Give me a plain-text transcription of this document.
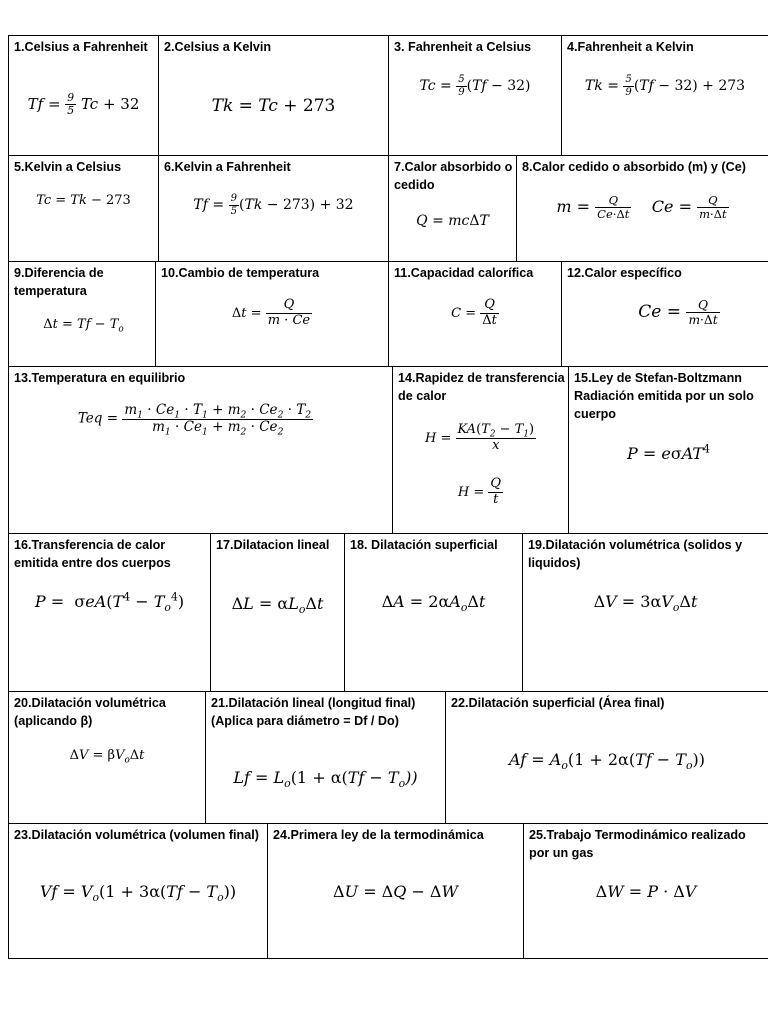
1.Celsius a Fahrenheit
$Tf = \frac{9}{5}$ Tc + 32
2.Celsius a Kelvin
Tk = Tc + 273
3. Fahrenheit a Celsius
$Tc = \frac{5}{9} (Tf - 32)$
4.Fahrenheit a Kelvin
$Tk = \frac{5}{9} (Tf - 32) + 273$
5.Kelvin a Celsius
Tc = Tk − 273
6.Kelvin a Fahrenheit
$Tf = \frac{9}{5} (Tk - 273) + 32$
7.Calor absorbido o cedido
Q = mcΔT
8.Calor cedido o absorbido (m) y (Ce)
$m = \frac{Q}{Ce\cdot\Delta t}$ $Ce = \frac{Q}{m\cdot\Delta t}$
9.Diferencia de temperatura
$\Delta t = Tf - T_o$
10.Cambio de temperatura
$\Delta t = \frac{Q}{m \cdot Ce}$
11.Capacidad calorífica
$C = \frac{Q}{\Delta t}$
12.Calor específico
$Ce = \frac{Q}{m\cdot\Delta t}$
13.Temperatura en equilibrio
Teq = $\frac{m_1 \cdot Ce_1 \cdot T_1 + m_2 \cdot Ce_2 \cdot T_2}{m_1 \cdot Ce_1 + m_2 \cdot Ce_2}$
14.Rapidez de transferencia de calor
$H = \frac{KA(T_2 - T_1)}{x}$
$H = \frac{Q}{t}$
15.Ley de Stefan-Boltzmann Radiación emitida por un solo cuerpo
P = eσAT$^4$
16.Transferencia de calor emitida entre dos cuerpos
$P = \sigma eA(T^4 - T_o^4)$
17.Dilatacion lineal
$\Delta L = \alpha L_o\Delta t$
18. Dilatación superficial
$\Delta A = 2\alpha A_o\Delta t$
19.Dilatación volumétrica (solidos y liquidos)
$\Delta V = 3\alpha V_o\Delta t$
20.Dilatación volumétrica (aplicando β)
$\Delta V = \beta V_o\Delta t$
21.Dilatación lineal (longitud final) (Aplica para diámetro = Df / Do)
$Lf = L_o(1 + \alpha(Tf - T_o))$
22.Dilatación superficial (Área final)
$Af = A_o(1 + 2\alpha(Tf - T_o))$
23.Dilatación volumétrica (volumen final)
$Vf = V_o(1 + 3\alpha(Tf - T_o))$
24.Primera ley de la termodinámica
ΔU = ΔQ − ΔW
25.Trabajo Termodinámico realizado por un gas
ΔW = P · ΔV
